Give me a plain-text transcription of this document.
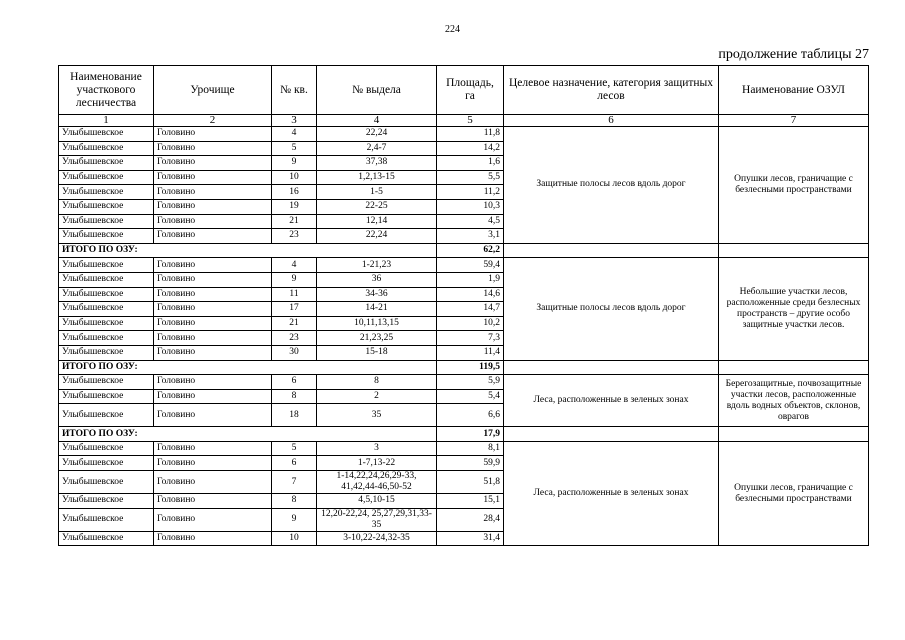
224
продолжение таблицы 27
Наименование участкового лесничества	Урочище	№ кв.	№ выдела	Площадь, га	Целевое назначение, категория защитных лесов	Наименование ОЗУЛ
1	2	3	4	5	6	7
Улыбышевское	Головино	4	22,24	11,8	Защитные полосы лесов вдоль дорог	Опушки лесов, граничащие с безлесными пространствами
Улыбышевское	Головино	5	2,4-7	14,2		
Улыбышевское	Головино	9	37,38	1,6		
Улыбышевское	Головино	10	1,2,13-15	5,5		
Улыбышевское	Головино	16	1-5	11,2		
Улыбышевское	Головино	19	22-25	10,3		
Улыбышевское	Головино	21	12,14	4,5		
Улыбышевское	Головино	23	22,24	3,1		
ИТОГО ПО ОЗУ:				62,2		
Улыбышевское	Головино	4	1-21,23	59,4	Защитные полосы лесов вдоль дорог	Небольшие участки лесов, расположенные среди безлесных пространств – другие особо защитные участки лесов.
Улыбышевское	Головино	9	36	1,9		
Улыбышевское	Головино	11	34-36	14,6		
Улыбышевское	Головино	17	14-21	14,7		
Улыбышевское	Головино	21	10,11,13,15	10,2		
Улыбышевское	Головино	23	21,23,25	7,3		
Улыбышевское	Головино	30	15-18	11,4		
ИТОГО ПО ОЗУ:				119,5		
Улыбышевское	Головино	6	8	5,9	Леса, расположенные в зеленых зонах	Берегозащитные, почвозащитные участки лесов, расположенные вдоль водных объектов, склонов, оврагов
Улыбышевское	Головино	8	2	5,4		
Улыбышевское	Головино	18	35	6,6		
ИТОГО ПО ОЗУ:				17,9		
Улыбышевское	Головино	5	3	8,1	Леса, расположенные в зеленых зонах	Опушки лесов, граничащие с безлесными пространствами
Улыбышевское	Головино	6	1-7,13-22	59,9		
Улыбышевское	Головино	7	1-14,22,24,26,29-33, 41,42,44-46,50-52	51,8		
Улыбышевское	Головино	8	4,5,10-15	15,1		
Улыбышевское	Головино	9	12,20-22,24, 25,27,29,31,33-35	28,4		
Улыбышевское	Головино	10	3-10,22-24,32-35	31,4		
